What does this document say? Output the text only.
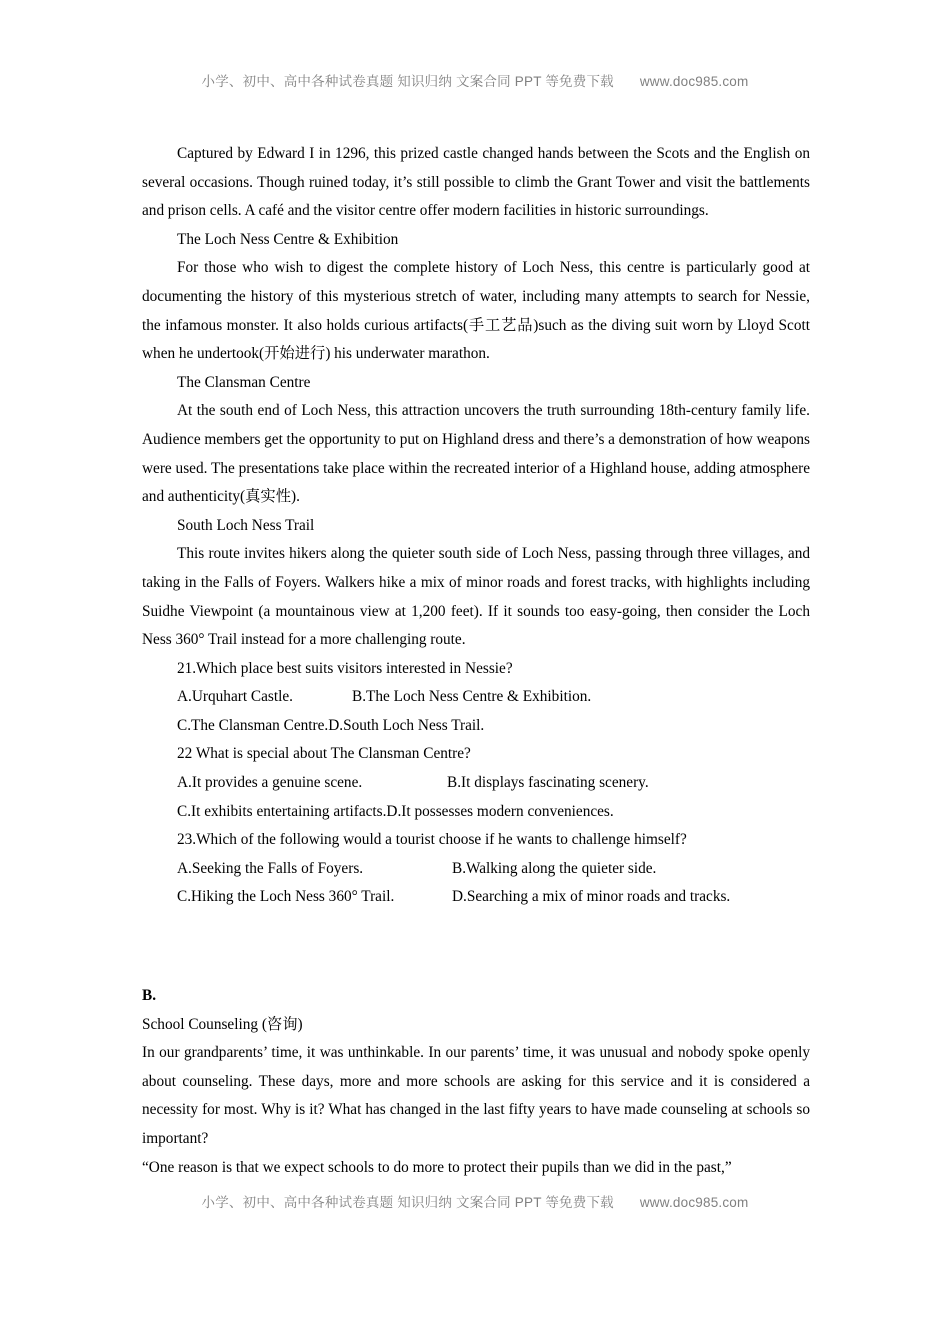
小学、初中、高中各种试卷真题 知识归纳 文案合同 PPT 等免费下载 www.doc985.com

Captured by Edward I in 1296, this prized castle changed hands between the Scots and the English on several occasions. Though ruined today, it’s still possible to climb the Grant Tower and visit the battlements and prison cells. A café and the visitor centre offer modern facilities in historic surroundings.

The Loch Ness Centre & Exhibition

For those who wish to digest the complete history of Loch Ness, this centre is particularly good at documenting the history of this mysterious stretch of water, including many attempts to search for Nessie, the infamous monster. It also holds curious artifacts(手工艺品)such as the diving suit worn by Lloyd Scott when he undertook(开始进行) his underwater marathon.

The Clansman Centre

At the south end of Loch Ness, this attraction uncovers the truth surrounding 18th-century family life. Audience members get the opportunity to put on Highland dress and there’s a demonstration of how weapons were used. The presentations take place within the recreated interior of a Highland house, adding atmosphere and authenticity(真实性).

South Loch Ness Trail

This route invites hikers along the quieter south side of Loch Ness, passing through three villages, and taking in the Falls of Foyers. Walkers hike a mix of minor roads and forest tracks, with highlights including Suidhe Viewpoint (a mountainous view at 1,200 feet). If it sounds too easy-going, then consider the Loch Ness 360° Trail instead for a more challenging route.

21.Which place best suits visitors interested in Nessie?

A.Urquhart Castle.	B.The Loch Ness Centre & Exhibition.
C.The Clansman Centre.D.South Loch Ness Trail.

22 What is special about The Clansman Centre?

A.It provides a genuine scene.	B.It displays fascinating scenery.
C.It exhibits entertaining artifacts.D.It possesses modern conveniences.

23.Which of the following would a tourist choose if he wants to challenge himself?

A.Seeking the Falls of Foyers.	B.Walking along the quieter side.
C.Hiking the Loch Ness 360° Trail.	D.Searching a mix of minor roads and tracks.

B.

School Counseling (咨询)

In our grandparents’ time, it was unthinkable. In our parents’ time, it was unusual and nobody spoke openly about counseling. These days, more and more schools are asking for this service and it is considered a necessity for most. Why is it? What has changed in the last fifty years to have made counseling at schools so important?

“One reason is that we expect schools to do more to protect their pupils than we did in the past,”

小学、初中、高中各种试卷真题 知识归纳 文案合同 PPT 等免费下载 www.doc985.com
